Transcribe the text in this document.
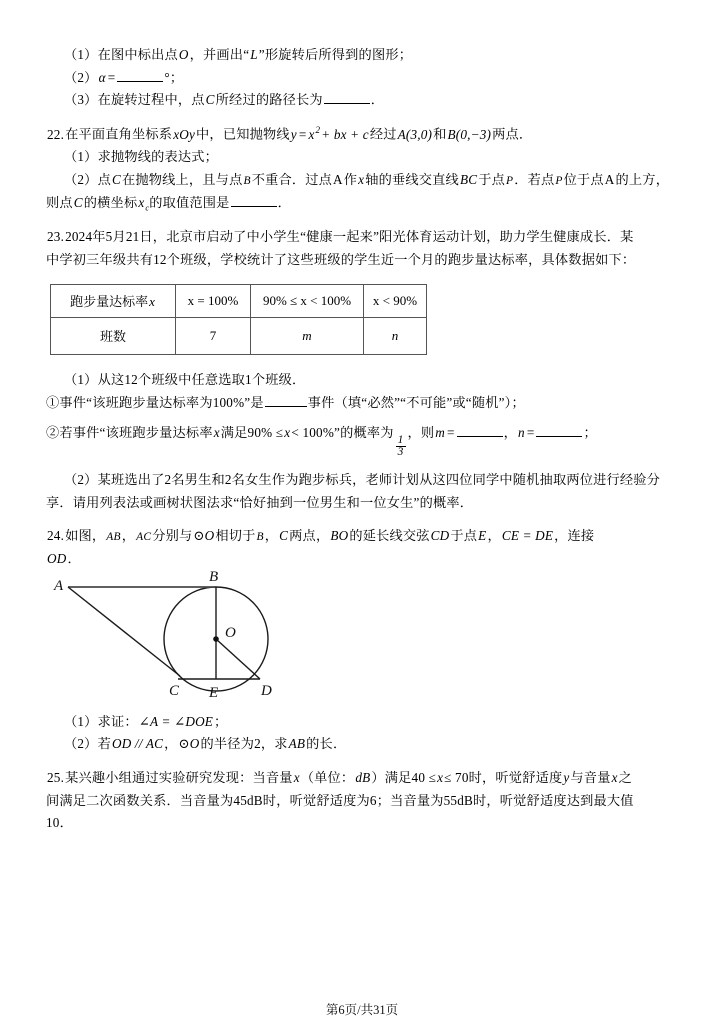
（1）在图中标出点O，并画出“L”形旋转后所得到的图形；
（2）α =	°；
（3）在旋转过程中，点C所经过的路径长为	．
22.在平面直角坐标系xOy中，已知抛物线$y = x^2+$ bx + c经过A(3,0)和B(0,−3)两点．
（1）求抛物线的表达式；
（2）点C在抛物线上，且与点B不重合．过点A作x轴的垂线交直线BC于点P．若点P位于点A的上方，
则点C的横坐标$x_c$的取值范围是	．
23.2024年5月21日，北京市启动了中小学生“健康一起来”阳光体育运动计划，助力学生健康成长．某
中学初三年级共有12个班级，学校统计了这些班级的学生近一个月的跑步量达标率，具体数据如下：
跑步量达标率x	x = 100%	90% ≤ x < 100%	x < 90%
班数	7	m	n
（1）从这12个班级中任意选取1个班级．
①事件“该班跑步量达标率为100%”是	事件（填“必然”“不可能”或“随机”）；
②若事件“该班跑步量达标率x满足90% ≤x< 100%”的概率为
$\frac{1}{3}$
，则m =	，n =	；
（2）某班选出了2名男生和2名女生作为跑步标兵，老师计划从这四位同学中随机抽取两位进行经验分
享．请用列表法或画树状图法求“恰好抽到一位男生和一位女生”的概率．
24.如图，AB，AC分别与⊙O相切于B，C两点，BO的延长线交弦CD于点E，CE = DE，连接
OD．
A
B
O
C E	D
（1）求证：∠A = ∠DOE；
（2）若OD // AC，⊙O的半径为2，求AB的长．
25.某兴趣小组通过实验研究发现：当音量x（单位：dB）满足40 ≤x≤ 70时，听觉舒适度y与音量x之
间满足二次函数关系．当音量为45dB时，听觉舒适度为6；当音量为55dB时，听觉舒适度达到最大值
10．
第6页/共31页
